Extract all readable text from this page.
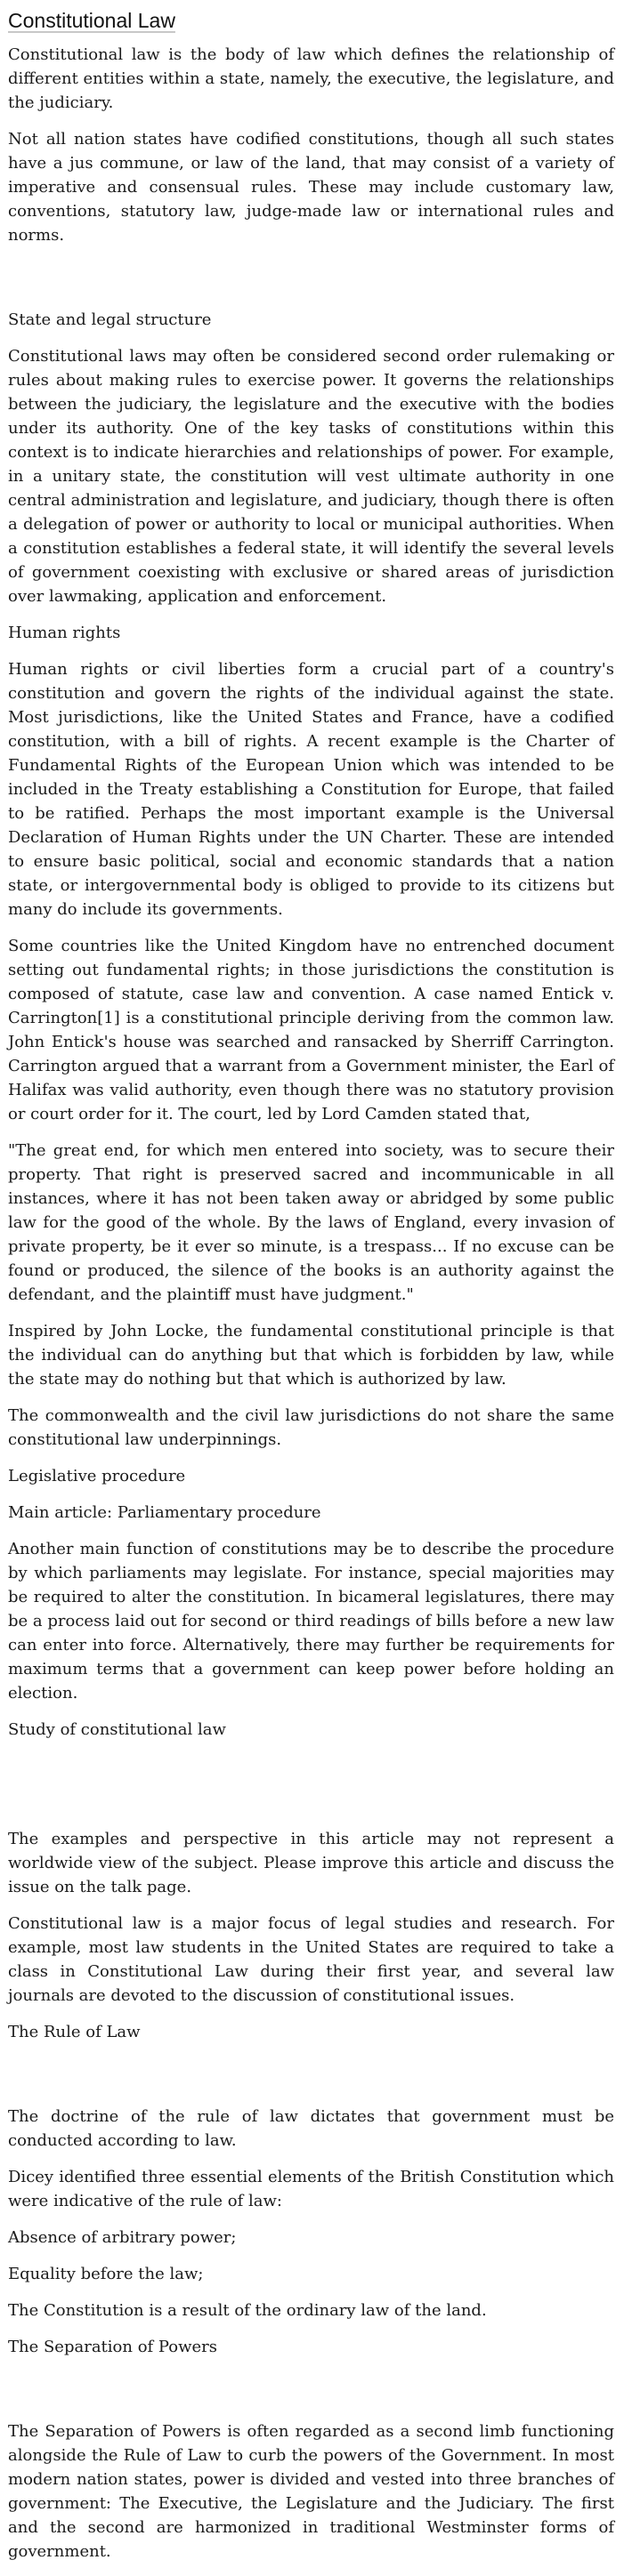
Constitutional Law

Constitutional law is the body of law which defines the relationship of different entities within a state, namely, the executive, the legislature, and the judiciary.

Not all nation states have codified constitutions, though all such states have a jus commune, or law of the land, that may consist of a variety of imperative and consensual rules. These may include customary law, conventions, statutory law, judge-made law or international rules and norms.

State and legal structure

Constitutional laws may often be considered second order rulemaking or rules about making rules to exercise power. It governs the relationships between the judiciary, the legislature and the executive with the bodies under its authority. One of the key tasks of constitutions within this context is to indicate hierarchies and relationships of power. For example, in a unitary state, the constitution will vest ultimate authority in one central administration and legislature, and judiciary, though there is often a delegation of power or authority to local or municipal authorities. When a constitution establishes a federal state, it will identify the several levels of government coexisting with exclusive or shared areas of jurisdiction over lawmaking, application and enforcement.

Human rights

Human rights or civil liberties form a crucial part of a country's constitution and govern the rights of the individual against the state. Most jurisdictions, like the United States and France, have a codified constitution, with a bill of rights. A recent example is the Charter of Fundamental Rights of the European Union which was intended to be included in the Treaty establishing a Constitution for Europe, that failed to be ratified. Perhaps the most important example is the Universal Declaration of Human Rights under the UN Charter. These are intended to ensure basic political, social and economic standards that a nation state, or intergovernmental body is obliged to provide to its citizens but many do include its governments.

Some countries like the United Kingdom have no entrenched document setting out fundamental rights; in those jurisdictions the constitution is composed of statute, case law and convention. A case named Entick v. Carrington[1] is a constitutional principle deriving from the common law. John Entick's house was searched and ransacked by Sherriff Carrington. Carrington argued that a warrant from a Government minister, the Earl of Halifax was valid authority, even though there was no statutory provision or court order for it. The court, led by Lord Camden stated that,

"The great end, for which men entered into society, was to secure their property. That right is preserved sacred and incommunicable in all instances, where it has not been taken away or abridged by some public law for the good of the whole. By the laws of England, every invasion of private property, be it ever so minute, is a trespass... If no excuse can be found or produced, the silence of the books is an authority against the defendant, and the plaintiff must have judgment."

Inspired by John Locke, the fundamental constitutional principle is that the individual can do anything but that which is forbidden by law, while the state may do nothing but that which is authorized by law.

The commonwealth and the civil law jurisdictions do not share the same constitutional law underpinnings.

Legislative procedure

Main article: Parliamentary procedure

Another main function of constitutions may be to describe the procedure by which parliaments may legislate. For instance, special majorities may be required to alter the constitution. In bicameral legislatures, there may be a process laid out for second or third readings of bills before a new law can enter into force. Alternatively, there may further be requirements for maximum terms that a government can keep power before holding an election.

Study of constitutional law

The examples and perspective in this article may not represent a worldwide view of the subject. Please improve this article and discuss the issue on the talk page.

Constitutional law is a major focus of legal studies and research. For example, most law students in the United States are required to take a class in Constitutional Law during their first year, and several law journals are devoted to the discussion of constitutional issues.

The Rule of Law

The doctrine of the rule of law dictates that government must be conducted according to law.

Dicey identified three essential elements of the British Constitution which were indicative of the rule of law:

Absence of arbitrary power;

Equality before the law;

The Constitution is a result of the ordinary law of the land.

The Separation of Powers

The Separation of Powers is often regarded as a second limb functioning alongside the Rule of Law to curb the powers of the Government. In most modern nation states, power is divided and vested into three branches of government: The Executive, the Legislature and the Judiciary. The first and the second are harmonized in traditional Westminster forms of government.
